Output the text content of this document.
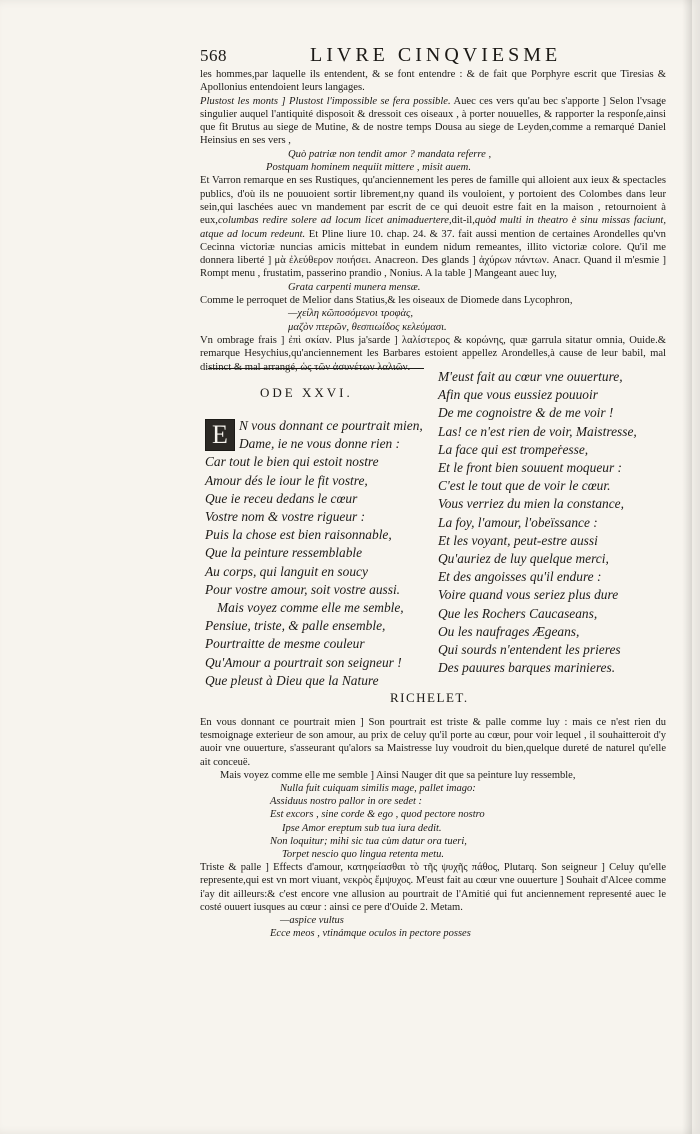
568	LIVRE CINQVIESME

les hommes,par laquelle ils entendent, & se font entendre : & de fait que Porphyre escrit que Tiresias & Apollonius entendoient leurs langages.

Plustost les monts ] Plustost l'impossible se fera possible. Auec ces vers qu'au bec s'apporte ] Selon l'vsage singulier auquel l'antiquité disposoit & dressoit ces oiseaux , à porter nouuelles, & rapporter la responſe,ainsi que fit Brutus au siege de Mutine, & de nostre temps Dousa au siege de Leyden,comme a remarqué Daniel Heinsius en ses vers ,

Quò patriæ non tendit amor ? mandata referre ,

Postquam hominem nequiit mittere , misit auem.

Et Varron remarque en ses Rustiques, qu'anciennement les peres de famille qui alloient aux ieux & spectacles publics, d'où ils ne pouuoient sortir librement,ny quand ils vouloient, y portoient des Colombes dans leur sein,qui laschées auec vn mandement par escrit de ce qui deuoit estre fait en la maison , retournoient à eux,columbas redire solere ad locum licet animaduertere,dit-il,quòd multi in theatro è sinu missas faciunt, atque ad locum redeunt. Et Pline liure 10. chap. 24. & 37. fait aussi mention de certaines Arondelles qu'vn Cecinna victoriæ nuncias amicis mittebat in eundem nidum remeantes, illito victoriæ colore. Qu'il me donnera liberté ] μὰ ἐλεύθερον ποιήσει. Anacreon. Des glands ] ἀχύρων πάντων. Anacr. Quand il m'esmie ] Rompt menu , frustatim, passerino prandio , Nonius. A la table ] Mangeant auec luy,

Grata carpenti munera mensæ.

Comme le perroquet de Melior dans Statius,& les oiseaux de Diomede dans Lycophron,

—χείλη κῶποσόμενοι τροφὰς,

μαζὸν πτερῶν, θεσπιωίδος κελεύμασι.

Vn ombrage frais ] ἐπὶ σκίαν. Plus ja'sarde ] λαλίστερος & κορώνης, quæ garrula sitatur omnia, Ouide.& remarque Hesychius,qu'anciennement les Barbares estoient appellez Arondelles,à cause de leur babil, mal distinct & mal arrangé, ὡς τῶν ἀσυνέτων λαλιῶν.

ODE XXVI.
E N vous donnant ce pourtrait mien,
Dame, ie ne vous donne rien :
Car tout le bien qui estoit nostre
Amour dés le iour le fit vostre,
Que ie receu dedans le cœur
Vostre nom & vostre rigueur :
Puis la chose est bien raisonnable,
Que la peinture ressemblable
Au corps, qui languit en soucy
Pour vostre amour, soit vostre aussi.
Mais voyez comme elle me semble,
Pensiue, triste, & palle ensemble,
Pourtraitte de mesme couleur
Qu'Amour a pourtrait son seigneur !
Que pleust à Dieu que la Nature
M'eust fait au cœur vne ouuerture,
Afin que vous eussiez pouuoir
De me cognoistre & de me voir !
Las! ce n'est rien de voir, Maistresse,
La face qui est trompeṙesse,
Et le front bien souuent moqueur :
C'est le tout que de voir le cœur.
Vous verriez du mien la constance,
La foy, l'amour, l'obeïssance :
Et les voyant, peut-estre aussi
Qu'auriez de luy quelque merci,
Et des angoisses qu'il endure :
Voire quand vous seriez plus dure
Que les Rochers Caucaseans,
Ou les naufrages Ægeans,
Qui sourds n'entendent les prieres
Des pauures barques marinieres.
RICHELET.

En vous donnant ce pourtrait mien ] Son pourtrait est triste & palle comme luy : mais ce n'est rien du tesmoignage exterieur de son amour, au prix de celuy qu'il porte au cœur, pour voir lequel , il souhaitteroit d'y auoir vne ouuerture, s'asseurant qu'alors sa Maistresse luy voudroit du bien,quelque dureté de naturel qu'elle ait conceuë.

Mais voyez comme elle me semble ] Ainsi Nauger dit que sa peinture luy ressemble,

Nulla fuit cuiquam similis mage, pallet imago:

Assiduus nostro pallor in ore sedet :

Est excors , sine corde & ego , quod pectore nostro

Ipse Amor ereptum sub tua iura dedit.

Non loquitur; mihi sic tua cùm datur ora tueri,

Torpet nescio quo lingua retenta metu.

Triste & palle ] Effects d'amour, κατηφείασθαι τὸ τῆς ψυχῆς πάθος, Plutarq. Son seigneur ] Celuy qu'elle represente,qui est vn mort viuant, νεκρὸς ἔμψυχος. M'eust fait au cœur vne ouuerture ] Souhait d'Alcee comme i'ay dit ailleurs:& c'est encore vne allusion au pourtrait de l'Amitié qui fut anciennement representé auec le costé ouuert iusques au cœur : ainsi ce pere d'Ouide 2. Metam.

—aspice vultus

Ecce meos , vtinámque oculos in pectore posses
